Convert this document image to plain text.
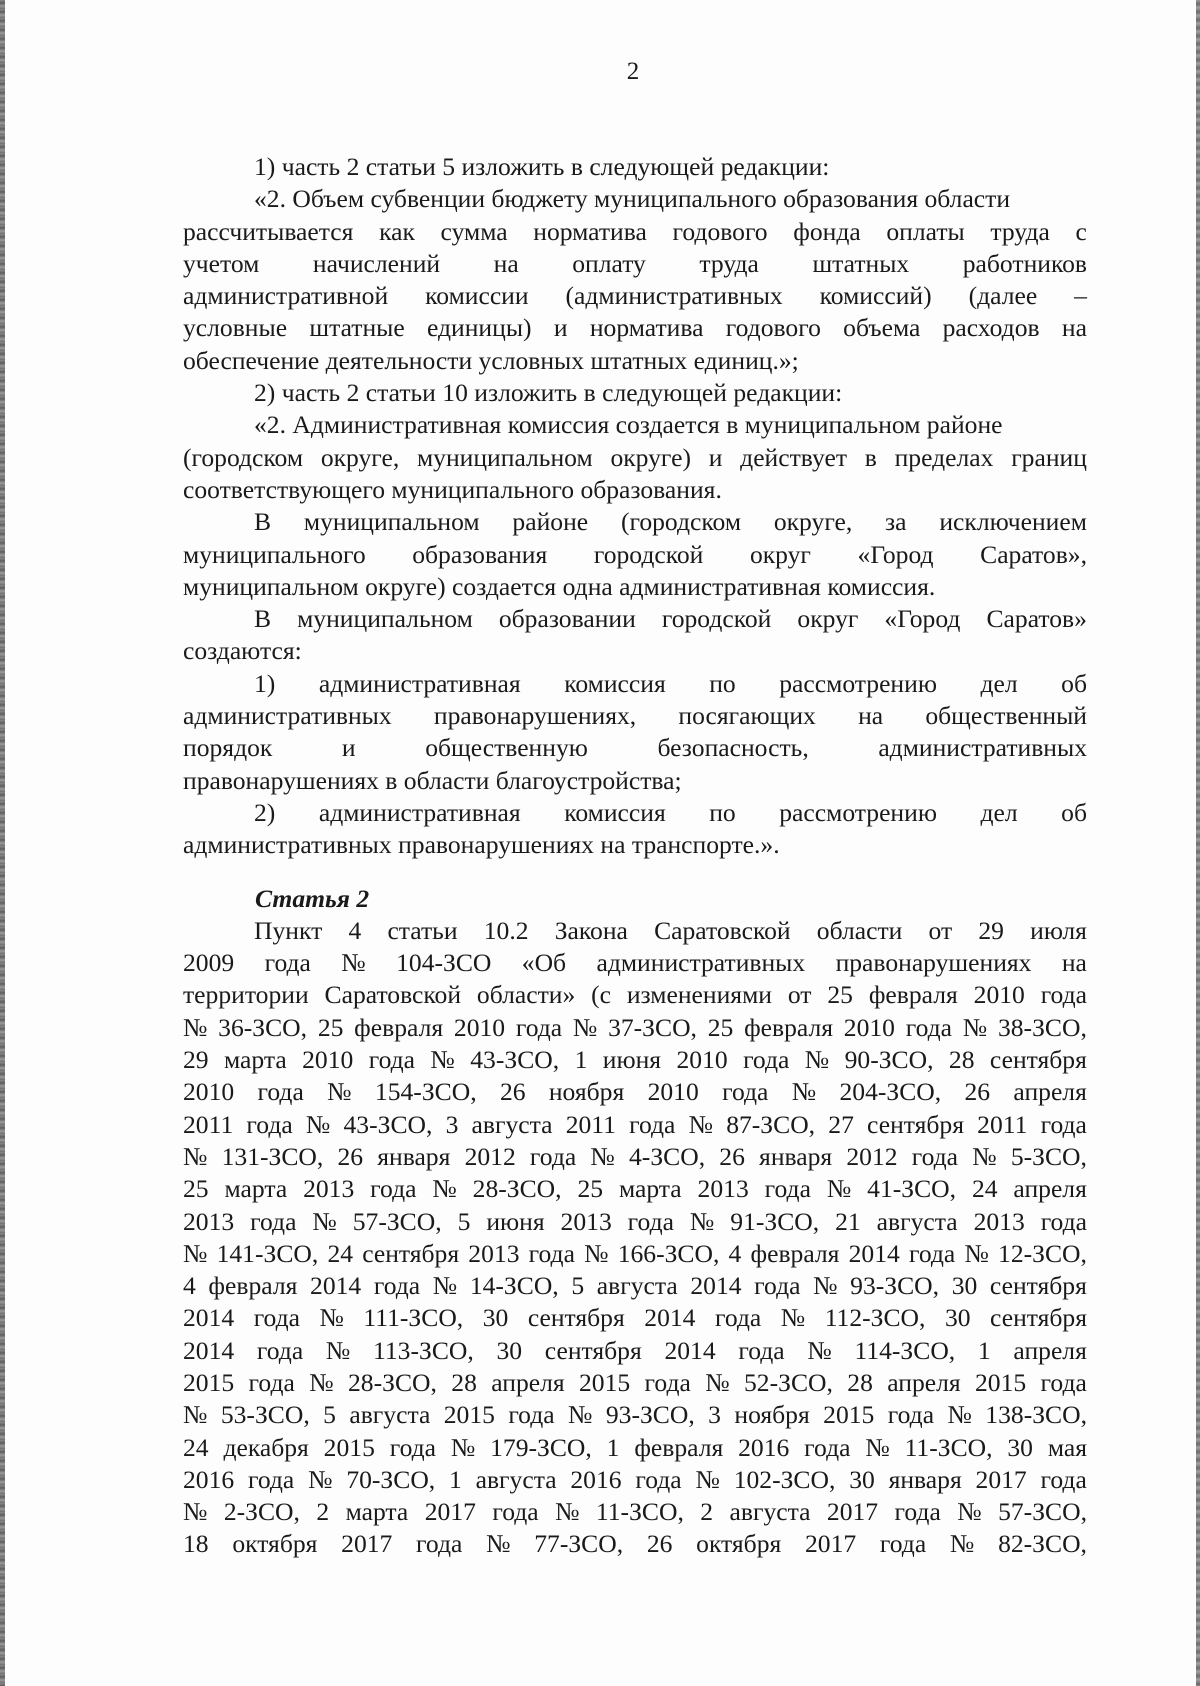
2
1) часть 2 статьи 5 изложить в следующей редакции:
«2. Объем субвенции бюджету муниципального образования области
рассчитывается как сумма норматива годового фонда оплаты труда с
учетом начислений на оплату труда штатных работников
административной комиссии (административных комиссий) (далее –
условные штатные единицы) и норматива годового объема расходов на
обеспечение деятельности условных штатных единиц.»;
2) часть 2 статьи 10 изложить в следующей редакции:
«2. Административная комиссия создается в муниципальном районе
(городском округе, муниципальном округе) и действует в пределах границ
соответствующего муниципального образования.
В муниципальном районе (городском округе, за исключением
муниципального образования городской округ «Город Саратов»,
муниципальном округе) создается одна административная комиссия.
В муниципальном образовании городской округ «Город Саратов»
создаются:
1) административная комиссия по рассмотрению дел об
административных правонарушениях, посягающих на общественный
порядок	и	общественную	безопасность,	административных
правонарушениях в области благоустройства;
2) административная комиссия по рассмотрению дел об
административных правонарушениях на транспорте.».
Статья 2
Пункт 4 статьи 10.2 Закона Саратовской области от 29 июля
2009 года № 104-ЗСО «Об административных правонарушениях на
территории Саратовской области» (с изменениями от 25 февраля 2010 года
№ 36-ЗСО, 25 февраля 2010 года № 37-ЗСО, 25 февраля 2010 года № 38-ЗСО,
29 марта 2010 года № 43-ЗСО, 1 июня 2010 года № 90-ЗСО, 28 сентября
2010 года № 154-ЗСО, 26 ноября 2010 года № 204-ЗСО, 26 апреля
2011 года № 43-ЗСО, 3 августа 2011 года № 87-ЗСО, 27 сентября 2011 года
№ 131-ЗСО, 26 января 2012 года № 4-ЗСО, 26 января 2012 года № 5-ЗСО,
25 марта 2013 года № 28-ЗСО, 25 марта 2013 года № 41-ЗСО, 24 апреля
2013 года № 57-ЗСО, 5 июня 2013 года № 91-ЗСО, 21 августа 2013 года
№ 141-ЗСО, 24 сентября 2013 года № 166-ЗСО, 4 февраля 2014 года № 12-ЗСО,
4 февраля 2014 года № 14-ЗСО, 5 августа 2014 года № 93-ЗСО, 30 сентября
2014 года № 111-ЗСО, 30 сентября 2014 года № 112-ЗСО, 30 сентября
2014 года № 113-ЗСО, 30 сентября 2014 года № 114-ЗСО, 1 апреля
2015 года № 28-ЗСО, 28 апреля 2015 года № 52-ЗСО, 28 апреля 2015 года
№ 53-ЗСО, 5 августа 2015 года № 93-ЗСО, 3 ноября 2015 года № 138-ЗСО,
24 декабря 2015 года № 179-ЗСО, 1 февраля 2016 года № 11-ЗСО, 30 мая
2016 года № 70-ЗСО, 1 августа 2016 года № 102-ЗСО, 30 января 2017 года
№ 2-ЗСО, 2 марта 2017 года № 11-ЗСО, 2 августа 2017 года № 57-ЗСО,
18 октября 2017 года № 77-ЗСО, 26 октября 2017 года № 82-ЗСО,
